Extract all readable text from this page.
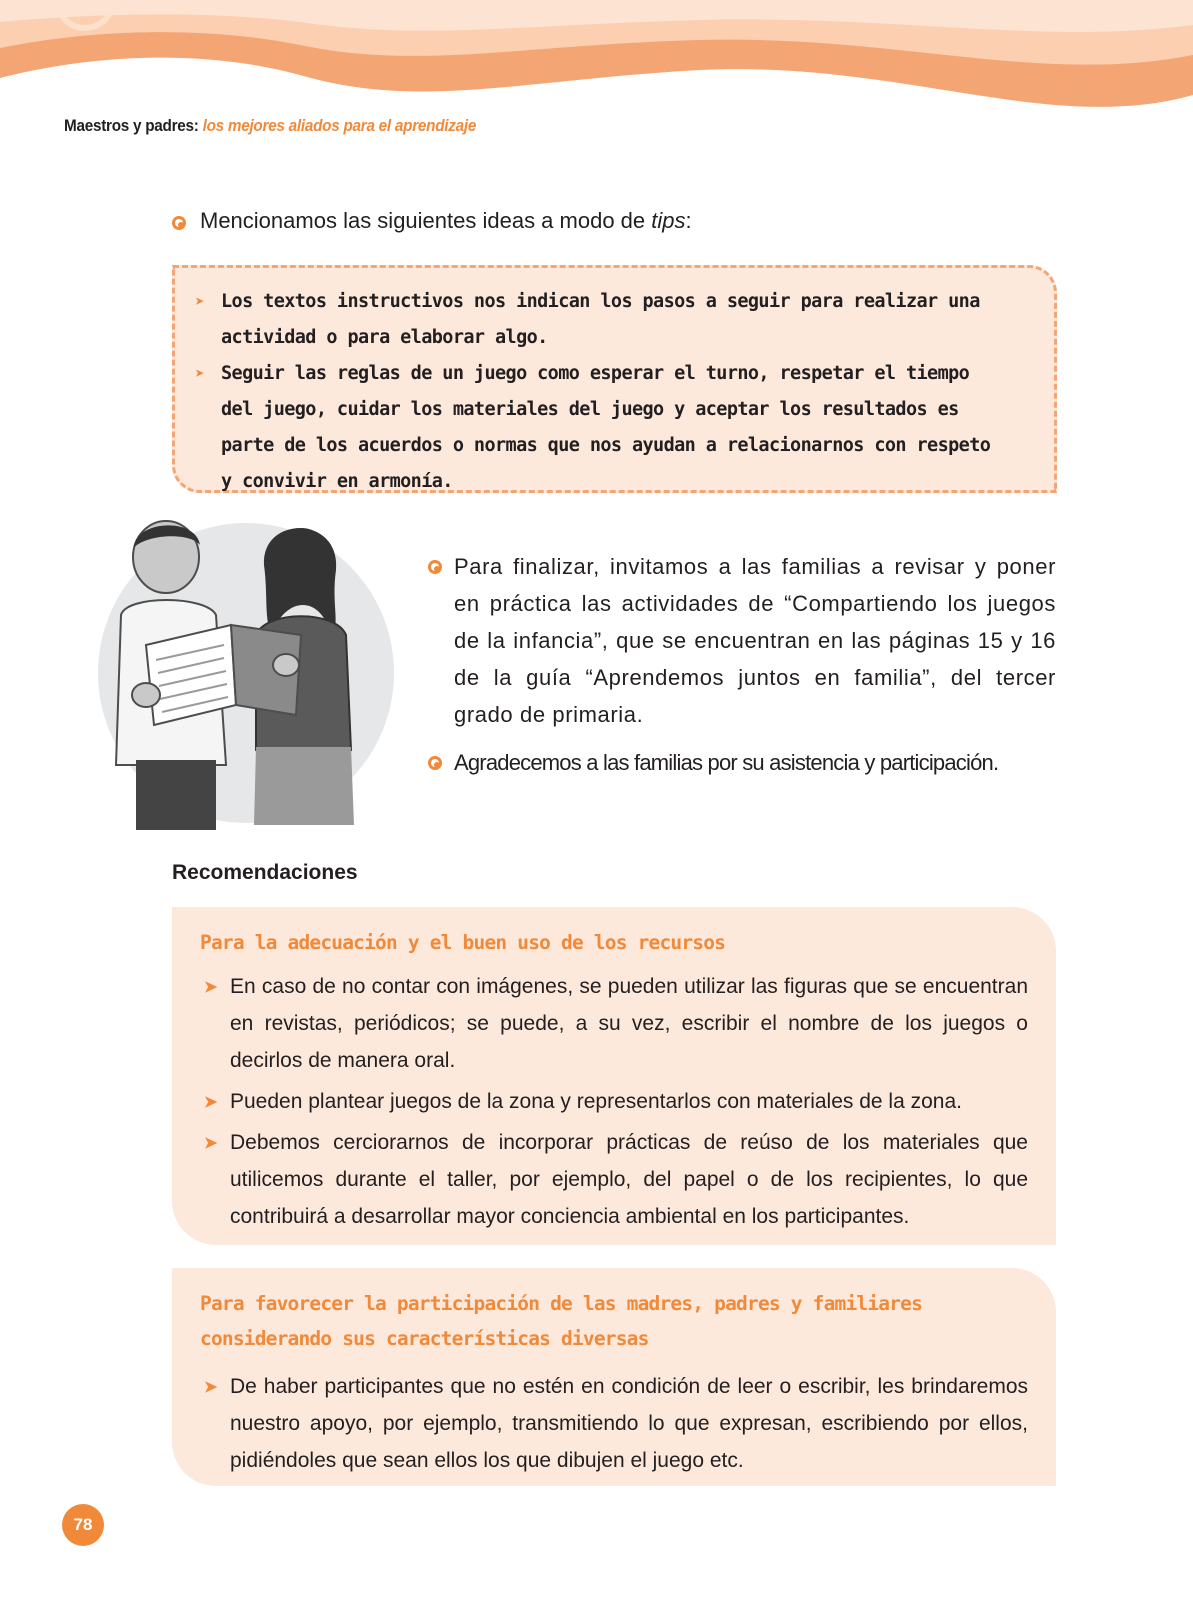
Maestros y padres: los mejores aliados para el aprendizaje
Mencionamos las siguientes ideas a modo de tips:
➤ Los textos instructivos nos indican los pasos a seguir para realizar una actividad o para elaborar algo.
➤ Seguir las reglas de un juego como esperar el turno, respetar el tiempo del juego, cuidar los materiales del juego y aceptar los resultados es parte de los acuerdos o normas que nos ayudan a relacionarnos con respeto y convivir en armonía.
Para finalizar, invitamos a las familias a revisar y poner en práctica las actividades de “Compartiendo los juegos de la infancia”, que se encuentran en las páginas 15 y 16 de la guía “Aprendemos juntos en familia”, del tercer grado de primaria.
Agradecemos a las familias por su asistencia y participación.
Recomendaciones
Para la adecuación y el buen uso de los recursos
➤ En caso de no contar con imágenes, se pueden utilizar las figuras que se encuentran en revistas, periódicos; se puede, a su vez, escribir el nombre de los juegos o decirlos de manera oral.
➤ Pueden plantear juegos de la zona y representarlos con materiales de la zona.
➤ Debemos cerciorarnos de incorporar prácticas de reúso de los materiales que utilicemos durante el taller, por ejemplo, del papel o de los recipientes, lo que contribuirá a desarrollar mayor conciencia ambiental en los participantes.
Para favorecer la participación de las madres, padres y familiares considerando sus características diversas
➤ De haber participantes que no estén en condición de leer o escribir, les brindaremos nuestro apoyo, por ejemplo, transmitiendo lo que expresan, escribiendo por ellos, pidiéndoles que sean ellos los que dibujen el juego etc.
78
